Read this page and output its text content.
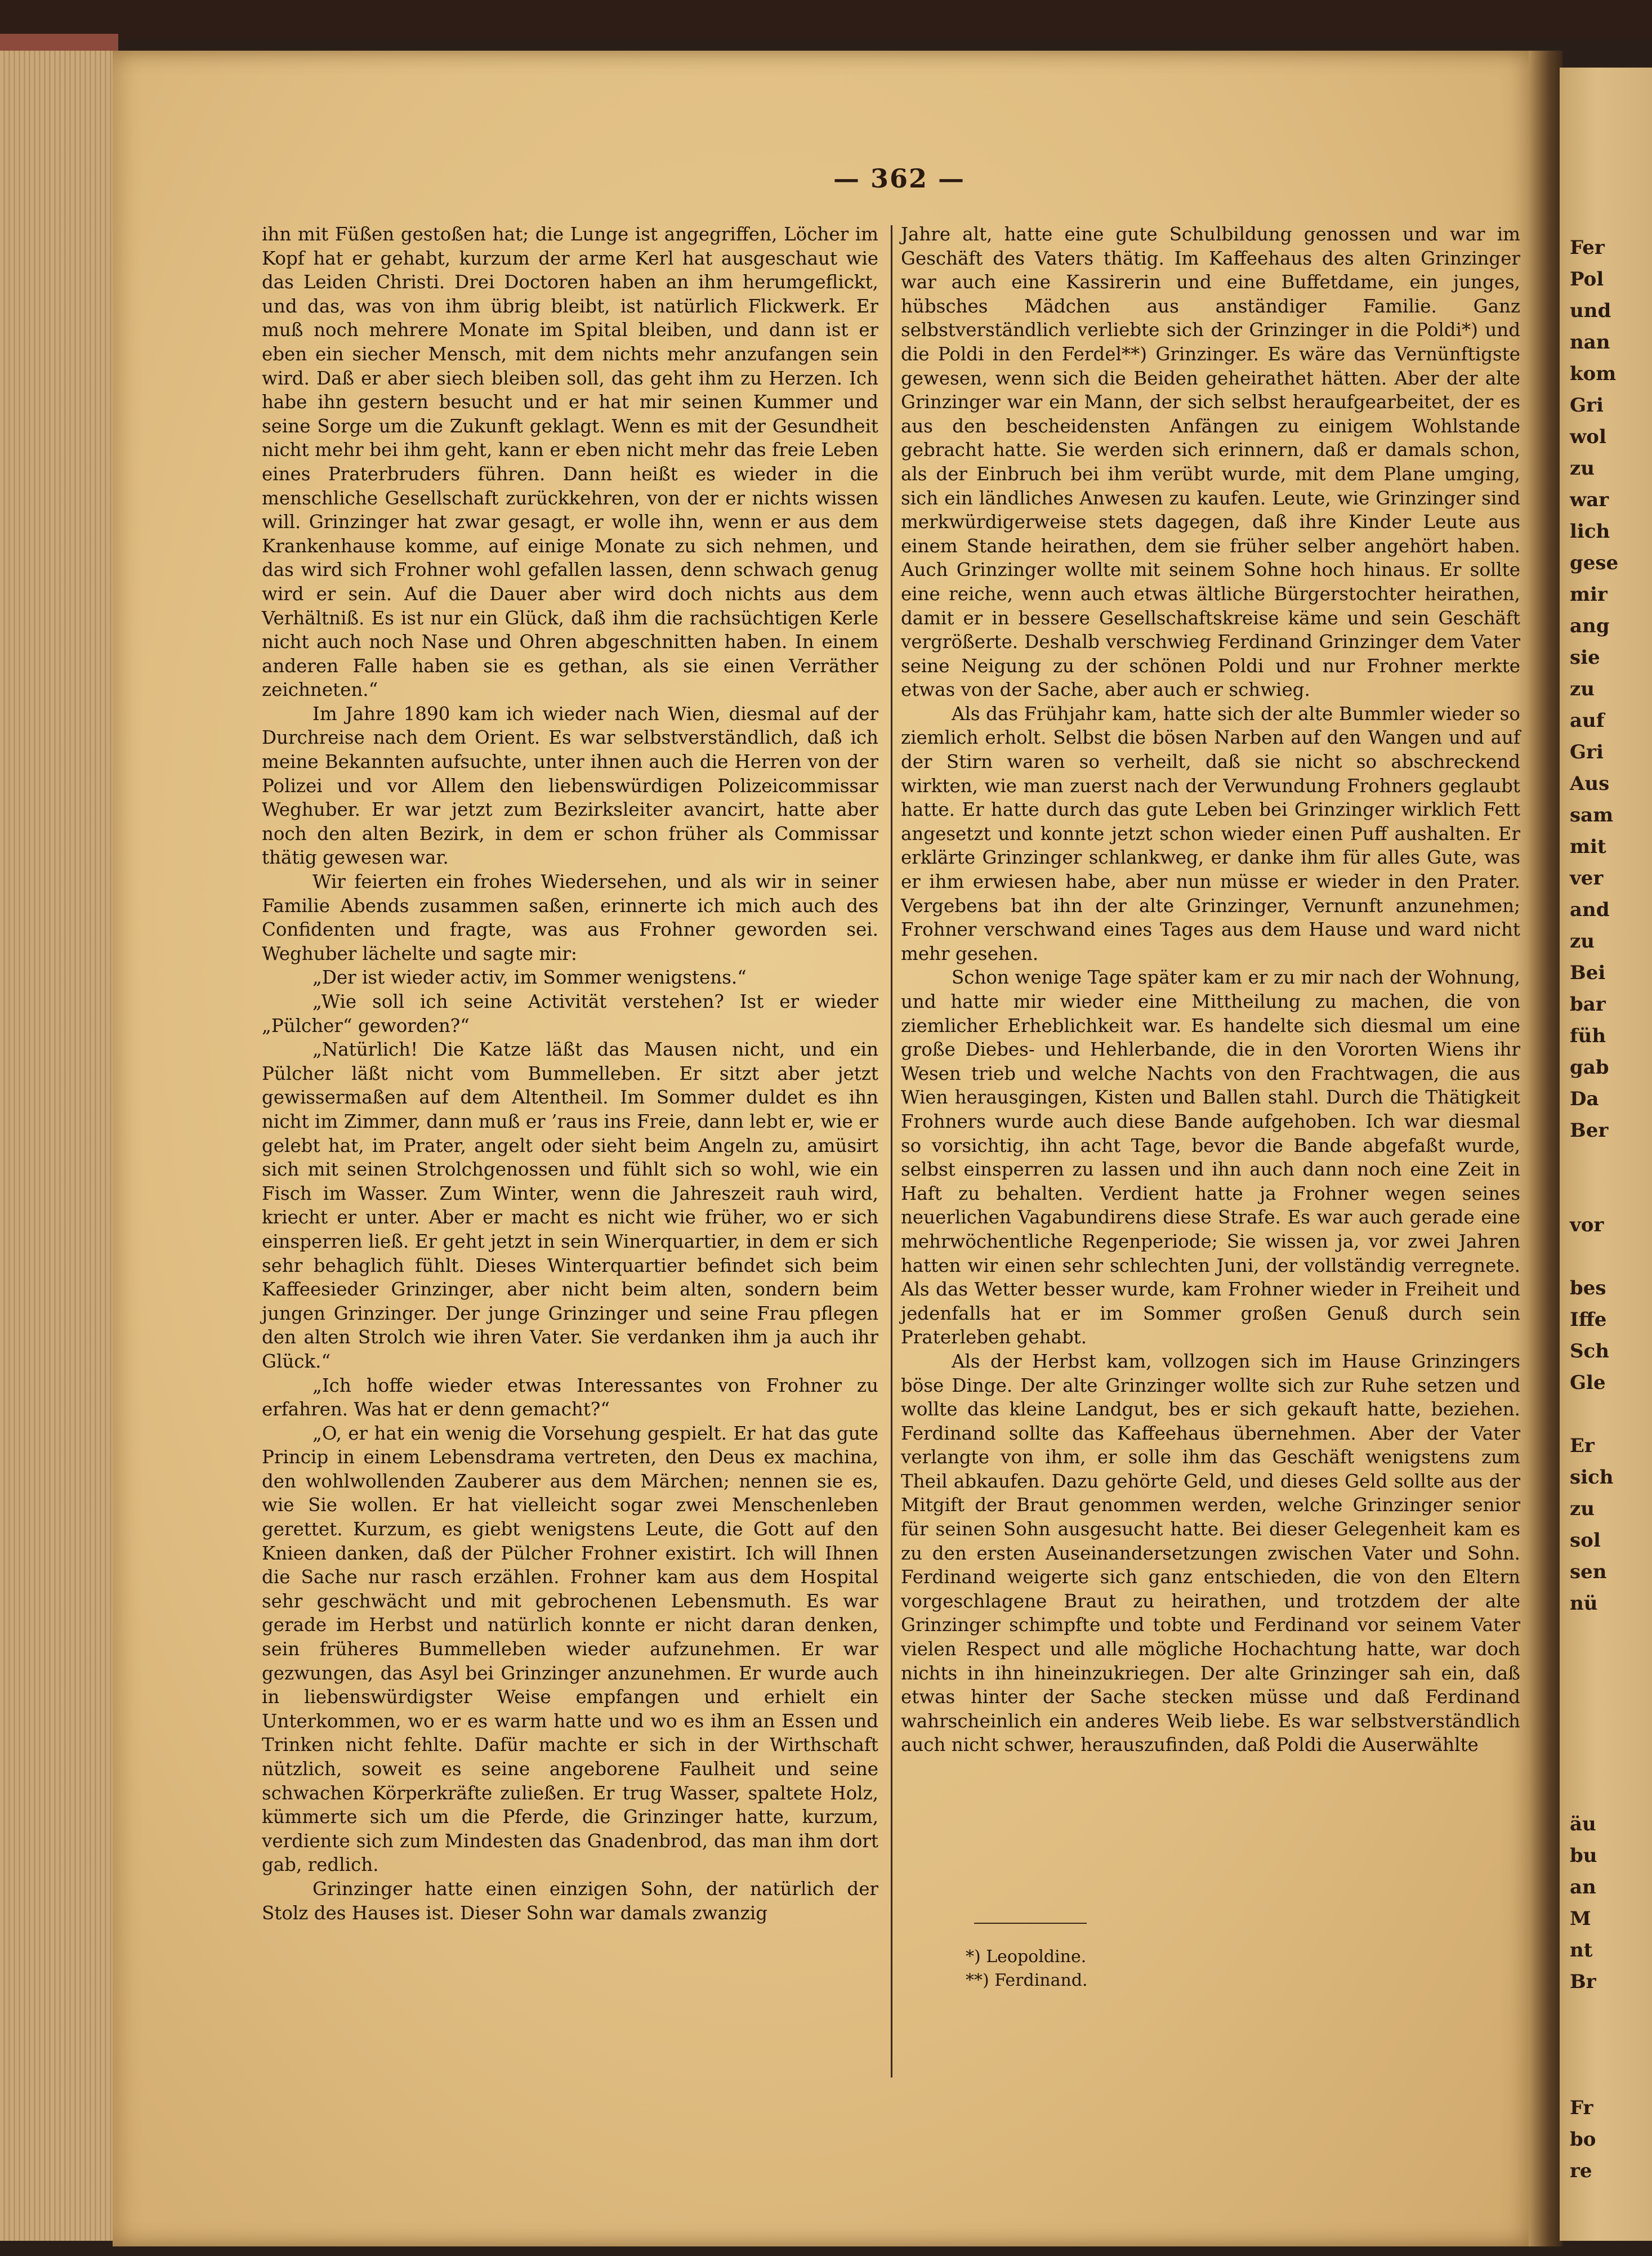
Fer
Pol
und
nan
kom
Gri
wol
zu
war
lich
gese
mir
ang
sie
zu
auf
Gri
Aus
sam
mit
ver
and
zu
Bei
bar
füh
gab
Da
Ber
vor
bes
Iffe
Sch
Gle
Er
sich
zu
sol
sen
nü
äu
bu
an
M
nt
Br
Fr
bo
re
— 362 —

ihn mit Füßen gestoßen hat; die Lunge ist angegriffen, Löcher im Kopf hat er gehabt, kurzum der arme Kerl hat ausgeschaut wie das Leiden Christi. Drei Doctoren haben an ihm herumgeflickt, und das, was von ihm übrig bleibt, ist natürlich Flickwerk. Er muß noch mehrere Monate im Spital bleiben, und dann ist er eben ein siecher Mensch, mit dem nichts mehr anzufangen sein wird. Daß er aber siech bleiben soll, das geht ihm zu Herzen. Ich habe ihn gestern besucht und er hat mir seinen Kummer und seine Sorge um die Zukunft geklagt. Wenn es mit der Gesundheit nicht mehr bei ihm geht, kann er eben nicht mehr das freie Leben eines Praterbruders führen. Dann heißt es wieder in die menschliche Gesellschaft zurückkehren, von der er nichts wissen will. Grinzinger hat zwar gesagt, er wolle ihn, wenn er aus dem Krankenhause komme, auf einige Monate zu sich nehmen, und das wird sich Frohner wohl gefallen lassen, denn schwach genug wird er sein. Auf die Dauer aber wird doch nichts aus dem Verhältniß. Es ist nur ein Glück, daß ihm die rachsüchtigen Kerle nicht auch noch Nase und Ohren abgeschnitten haben. In einem anderen Falle haben sie es gethan, als sie einen Verräther zeichneten.“

Im Jahre 1890 kam ich wieder nach Wien, diesmal auf der Durchreise nach dem Orient. Es war selbstverständlich, daß ich meine Bekannten aufsuchte, unter ihnen auch die Herren von der Polizei und vor Allem den liebenswürdigen Polizeicommissar Weghuber. Er war jetzt zum Bezirksleiter avancirt, hatte aber noch den alten Bezirk, in dem er schon früher als Commissar thätig gewesen war.

Wir feierten ein frohes Wiedersehen, und als wir in seiner Familie Abends zusammen saßen, erinnerte ich mich auch des Confidenten und fragte, was aus Frohner geworden sei. Weghuber lächelte und sagte mir:

„Der ist wieder activ, im Sommer wenigstens.“

„Wie soll ich seine Activität verstehen? Ist er wieder „Pülcher“ geworden?“

„Natürlich! Die Katze läßt das Mausen nicht, und ein Pülcher läßt nicht vom Bummelleben. Er sitzt aber jetzt gewissermaßen auf dem Altentheil. Im Sommer duldet es ihn nicht im Zimmer, dann muß er ’raus ins Freie, dann lebt er, wie er gelebt hat, im Prater, angelt oder sieht beim Angeln zu, amüsirt sich mit seinen Strolchgenossen und fühlt sich so wohl, wie ein Fisch im Wasser. Zum Winter, wenn die Jahreszeit rauh wird, kriecht er unter. Aber er macht es nicht wie früher, wo er sich einsperren ließ. Er geht jetzt in sein Winerquartier, in dem er sich sehr behaglich fühlt. Dieses Winterquartier befindet sich beim Kaffeesieder Grinzinger, aber nicht beim alten, sondern beim jungen Grinzinger. Der junge Grinzinger und seine Frau pflegen den alten Strolch wie ihren Vater. Sie verdanken ihm ja auch ihr Glück.“

„Ich hoffe wieder etwas Interessantes von Frohner zu erfahren. Was hat er denn gemacht?“

„O, er hat ein wenig die Vorsehung gespielt. Er hat das gute Princip in einem Lebensdrama vertreten, den Deus ex machina, den wohlwollenden Zauberer aus dem Märchen; nennen sie es, wie Sie wollen. Er hat vielleicht sogar zwei Menschenleben gerettet. Kurzum, es giebt wenigstens Leute, die Gott auf den Knieen danken, daß der Pülcher Frohner existirt. Ich will Ihnen die Sache nur rasch erzählen. Frohner kam aus dem Hospital sehr geschwächt und mit gebrochenen Lebensmuth. Es war gerade im Herbst und natürlich konnte er nicht daran denken, sein früheres Bummelleben wieder aufzunehmen. Er war gezwungen, das Asyl bei Grinzinger anzunehmen. Er wurde auch in liebenswürdigster Weise empfangen und erhielt ein Unterkommen, wo er es warm hatte und wo es ihm an Essen und Trinken nicht fehlte. Dafür machte er sich in der Wirthschaft nützlich, soweit es seine angeborene Faulheit und seine schwachen Körperkräfte zuließen. Er trug Wasser, spaltete Holz, kümmerte sich um die Pferde, die Grinzinger hatte, kurzum, verdiente sich zum Mindesten das Gnadenbrod, das man ihm dort gab, redlich.

Grinzinger hatte einen einzigen Sohn, der natürlich der Stolz des Hauses ist. Dieser Sohn war damals zwanzig

Jahre alt, hatte eine gute Schulbildung genossen und war im Geschäft des Vaters thätig. Im Kaffeehaus des alten Grinzinger war auch eine Kassirerin und eine Buffetdame, ein junges, hübsches Mädchen aus anständiger Familie. Ganz selbstverständlich verliebte sich der Grinzinger in die Poldi*) und die Poldi in den Ferdel**) Grinzinger. Es wäre das Vernünftigste gewesen, wenn sich die Beiden geheirathet hätten. Aber der alte Grinzinger war ein Mann, der sich selbst heraufgearbeitet, der es aus den bescheidensten Anfängen zu einigem Wohlstande gebracht hatte. Sie werden sich erinnern, daß er damals schon, als der Einbruch bei ihm verübt wurde, mit dem Plane umging, sich ein ländliches Anwesen zu kaufen. Leute, wie Grinzinger sind merkwürdigerweise stets dagegen, daß ihre Kinder Leute aus einem Stande heirathen, dem sie früher selber angehört haben. Auch Grinzinger wollte mit seinem Sohne hoch hinaus. Er sollte eine reiche, wenn auch etwas ältliche Bürgerstochter heirathen, damit er in bessere Gesellschaftskreise käme und sein Geschäft vergrößerte. Deshalb verschwieg Ferdinand Grinzinger dem Vater seine Neigung zu der schönen Poldi und nur Frohner merkte etwas von der Sache, aber auch er schwieg.

Als das Frühjahr kam, hatte sich der alte Bummler wieder so ziemlich erholt. Selbst die bösen Narben auf den Wangen und auf der Stirn waren so verheilt, daß sie nicht so abschreckend wirkten, wie man zuerst nach der Verwundung Frohners geglaubt hatte. Er hatte durch das gute Leben bei Grinzinger wirklich Fett angesetzt und konnte jetzt schon wieder einen Puff aushalten. Er erklärte Grinzinger schlankweg, er danke ihm für alles Gute, was er ihm erwiesen habe, aber nun müsse er wieder in den Prater. Vergebens bat ihn der alte Grinzinger, Vernunft anzunehmen; Frohner verschwand eines Tages aus dem Hause und ward nicht mehr gesehen.

Schon wenige Tage später kam er zu mir nach der Wohnung, und hatte mir wieder eine Mittheilung zu machen, die von ziemlicher Erheblichkeit war. Es handelte sich diesmal um eine große Diebes- und Hehlerbande, die in den Vororten Wiens ihr Wesen trieb und welche Nachts von den Frachtwagen, die aus Wien herausgingen, Kisten und Ballen stahl. Durch die Thätigkeit Frohners wurde auch diese Bande aufgehoben. Ich war diesmal so vorsichtig, ihn acht Tage, bevor die Bande abgefaßt wurde, selbst einsperren zu lassen und ihn auch dann noch eine Zeit in Haft zu behalten. Verdient hatte ja Frohner wegen seines neuerlichen Vagabundirens diese Strafe. Es war auch gerade eine mehrwöchentliche Regenperiode; Sie wissen ja, vor zwei Jahren hatten wir einen sehr schlechten Juni, der vollständig verregnete. Als das Wetter besser wurde, kam Frohner wieder in Freiheit und jedenfalls hat er im Sommer großen Genuß durch sein Praterleben gehabt.

Als der Herbst kam, vollzogen sich im Hause Grinzingers böse Dinge. Der alte Grinzinger wollte sich zur Ruhe setzen und wollte das kleine Landgut, bes er sich gekauft hatte, beziehen. Ferdinand sollte das Kaffeehaus übernehmen. Aber der Vater verlangte von ihm, er solle ihm das Geschäft wenigstens zum Theil abkaufen. Dazu gehörte Geld, und dieses Geld sollte aus der Mitgift der Braut genommen werden, welche Grinzinger senior für seinen Sohn ausgesucht hatte. Bei dieser Gelegenheit kam es zu den ersten Auseinandersetzungen zwischen Vater und Sohn. Ferdinand weigerte sich ganz entschieden, die von den Eltern vorgeschlagene Braut zu heirathen, und trotzdem der alte Grinzinger schimpfte und tobte und Ferdinand vor seinem Vater vielen Respect und alle mögliche Hochachtung hatte, war doch nichts in ihn hineinzukriegen. Der alte Grinzinger sah ein, daß etwas hinter der Sache stecken müsse und daß Ferdinand wahrscheinlich ein anderes Weib liebe. Es war selbstverständlich auch nicht schwer, herauszufinden, daß Poldi die Auserwählte

*) Leopoldine.
**) Ferdinand.
